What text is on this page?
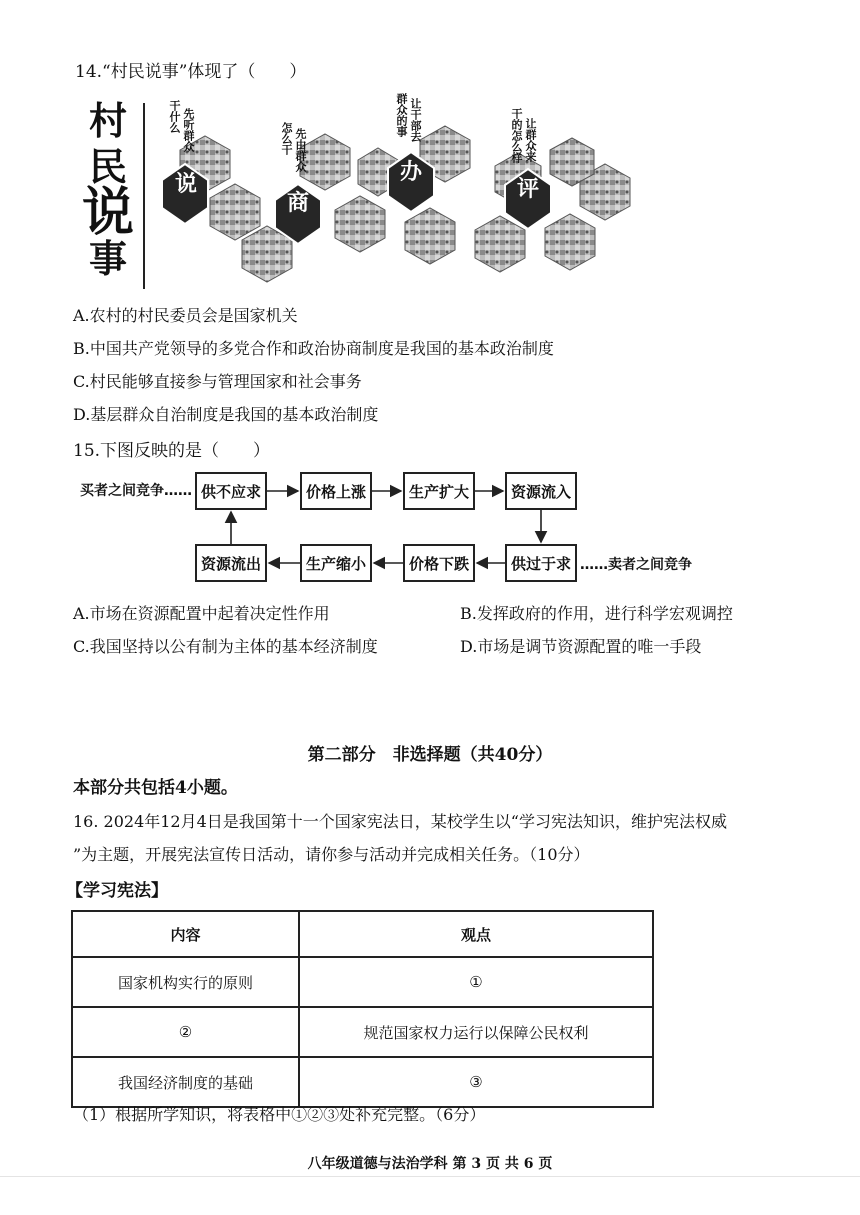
14.“村民说事”体现了（　　）
村
民
说
事
说
商
办
评
干什么 先听群众	怎么干 先由群众
群众的事 让干部去	干的怎么样 让群众来
A.农村的村民委员会是国家机关
B.中国共产党领导的多党合作和政治协商制度是我国的基本政治制度
C.村民能够直接参与管理国家和社会事务
D.基层群众自治制度是我国的基本政治制度
15.下图反映的是（　　）
买者之间竞争…… 供不应求	价格上涨	生产扩大	资源流入
资源流出	生产缩小	价格下跌	供过于求 ……卖者之间竞争
A.市场在资源配置中起着决定性作用	B.发挥政府的作用，进行科学宏观调控
C.我国坚持以公有制为主体的基本经济制度	D.市场是调节资源配置的唯一手段
第二部分　非选择题（共40分）
本部分共包括4小题。
16. 2024年12月4日是我国第十一个国家宪法日，某校学生以“学习宪法知识，维护宪法权威
”为主题，开展宪法宣传日活动，请你参与活动并完成相关任务。（10分）
【学习宪法】
内容	观点
国家机构实行的原则	①
②	规范国家权力运行以保障公民权利
我国经济制度的基础	③
（1）根据所学知识，将表格中①②③处补充完整。（6分）
八年级道德与法治学科 第 3 页 共 6 页
